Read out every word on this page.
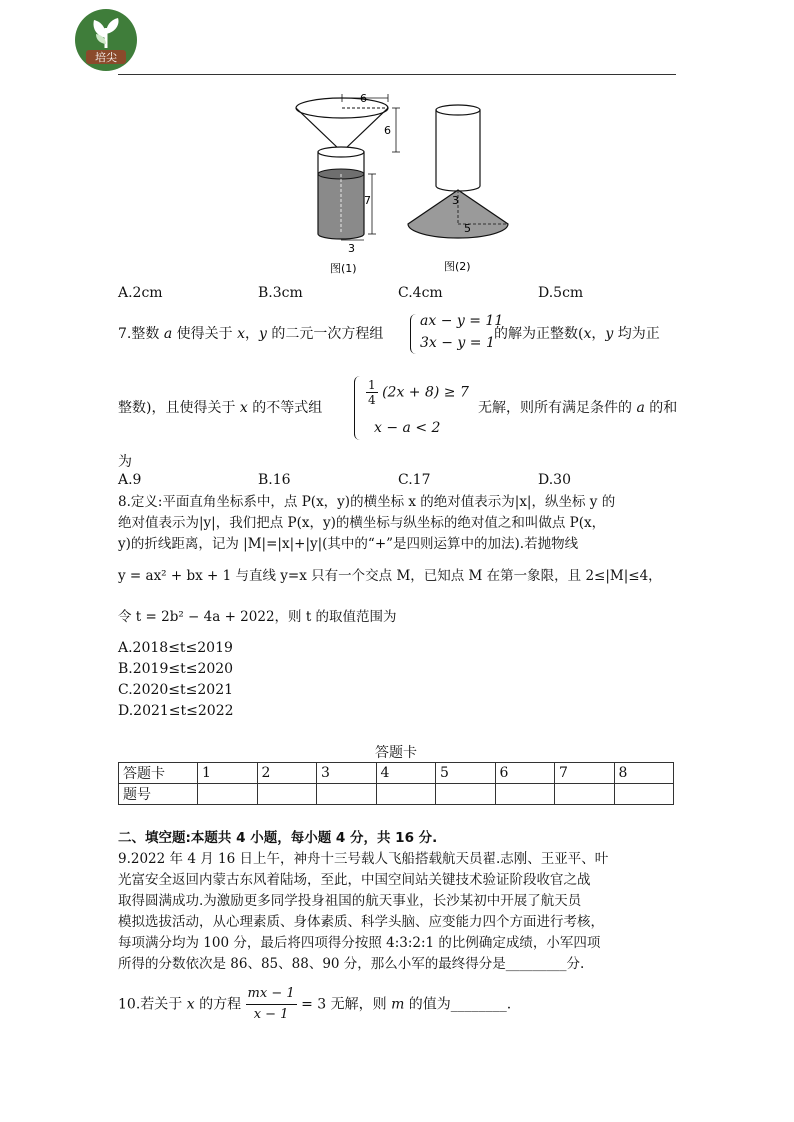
培尖
6
6
7
3
图(1)
3
5
图(2)
A.2cm	B.3cm	C.4cm	D.5cm
7.整数 a 使得关于 x，y 的二元一次方程组
ax − y = 11
3x − y = 1
的解为正整数(x，y 均为正
整数)，且使得关于 x 的不等式组
$\frac{1}{4} (2x + 8) \ge 7$
x − a < 2
无解，则所有满足条件的 a 的和
为
A.9	B.16	C.17	D.30
8.定义:平面直角坐标系中，点 P(x，y)的横坐标 x 的绝对值表示为|x|，纵坐标 y 的
绝对值表示为|y|，我们把点 P(x，y)的横坐标与纵坐标的绝对值之和叫做点 P(x，
y)的折线距离，记为 |M|=|x|+|y|(其中的“+”是四则运算中的加法).若抛物线
y = ax² + bx + 1 与直线 y=x 只有一个交点 M，已知点 M 在第一象限，且 2≤|M|≤4，
令 t = 2b² − 4a + 2022，则 t 的取值范围为
A.2018≤t≤2019
B.2019≤t≤2020
C.2020≤t≤2021
D.2021≤t≤2022
答题卡
答题卡	1	2	3	4	5	6	7	8
题号								
二、填空题:本题共 4 小题，每小题 4 分，共 16 分.
9.2022 年 4 月 16 日上午，神舟十三号载人飞船搭载航天员翟.志刚、王亚平、叶
光富安全返回内蒙古东风着陆场，至此，中国空间站关键技术验证阶段收官之战
取得圆满成功.为激励更多同学投身祖国的航天事业，长沙某初中开展了航天员
模拟选拔活动，从心理素质、身体素质、科学头脑、应变能力四个方面进行考核，
每项满分均为 100 分，最后将四项得分按照 4:3:2:1 的比例确定成绩，小军四项
所得的分数依次是 86、85、88、90 分，那么小军的最终得分是_________分.
10.若关于 x 的方程 $\frac{mx - 1}{x - 1} = 3$ 无解，则 m 的值为________.
